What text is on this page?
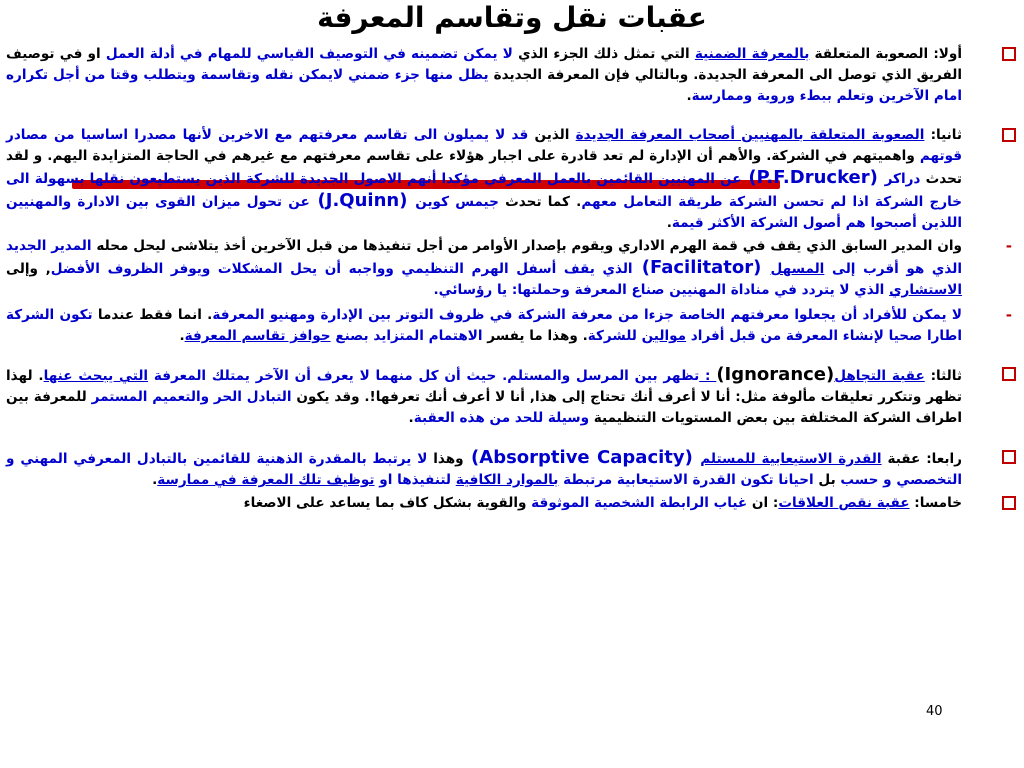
عقبات نقل وتقاسم المعرفة
أولا: الصعوبة المتعلقة بالمعرفة الضمنية التي تمثل ذلك الجزء الذي لا يمكن تضمينه في التوصيف القياسي للمهام في أدلة العمل او في توصيف الفريق الذي توصل الى المعرفة الجديدة. وبالتالي فإن المعرفة الجديدة يظل منها جزء ضمني لايمكن نقله وتقاسمة ويتطلب وقتا من أجل تكراره امام الآخرين وتعلم ببطء وروية وممارسة.
ثانيا: الصعوبة المتعلقة بالمهنيين أصحاب المعرفة الجديدة الذين قد لا يميلون الى تقاسم معرفتهم مع الاخرين لأنها مصدرا اساسيا من مصادر قوتهم واهميتهم في الشركة. والأهم أن الإدارة لم تعد قادرة على اجبار هؤلاء على تقاسم معرفتهم مع غيرهم في الحاجة المتزايدة اليهم. و لقد تحدث دراكر (P.F.Drucker) عن المهنيين القائمين بالعمل المعرفي مؤكدا أنهم الاصول الجديدة للشركة الذين يستطيعون نقلها بسهولة الى خارج الشركة اذا لم تحسن الشركة طريقة التعامل معهم. كما تحدث جيمس كوين (J.Quinn) عن تحول ميزان القوى بين الادارة والمهنيين اللذين أصبحوا هم أصول الشركة الأكثر قيمة.
-
وان المدير السابق الذي يقف في قمة الهرم الاداري ويقوم بإصدار الأوامر من أجل تنفيذها من قبل الآخرين أخذ يتلاشى ليحل محله المدير الجديد الذي هو أقرب إلى المسهل (Facilitator) الذي يقف أسفل الهرم التنظيمي وواجبه أن يحل المشكلات ويوفر الظروف الأفضل, وإلى الاستشاري الذي لا يتردد في مناداة المهنيين صناع المعرفة وحملتها: يا رؤسائي.
-
لا يمكن للأفراد أن يجعلوا معرفتهم الخاصة جزءا من معرفة الشركة في ظروف التوتر بين الإدارة ومهنيو المعرفة. انما فقط عندما تكون الشركة اطارا صحيا لإنشاء المعرفة من قبل أفراد موالين للشركة. وهذا ما يفسر الاهتمام المتزايد بصنع حوافز تقاسم المعرفة.
ثالثا: عقبة التجاهل(Ignorance) : تظهر بين المرسل والمستلم. حيث أن كل منهما لا يعرف أن الآخر يمتلك المعرفة التي يبحث عنها. لهذا تظهر وتتكرر تعليقات مألوفة مثل: أنا لا أعرف أنك تحتاج إلى هذا, أنا لا أعرف أنك تعرفها!. وقد يكون التبادل الحر والتعميم المستمر للمعرفة بين اطراف الشركة المختلفة بين بعض المستويات التنظيمية وسيلة للحد من هذه العقبة.
رابعا: عقبة القدرة الاستيعابية للمستلم (Absorptive Capacity) وهذا لا يرتبط بالمقدرة الذهنية للقائمين بالتبادل المعرفي المهني و التخصصي و حسب بل احيانا تكون القدرة الاستيعابية مرتبطة بالموارد الكافية لتنفيذها او توظيف تلك المعرفة في ممارسة.
خامسا: عقبة نقص العلاقات: ان غياب الرابطة الشخصية الموثوقة والقوية بشكل كاف بما يساعد على الاصغاء
40
